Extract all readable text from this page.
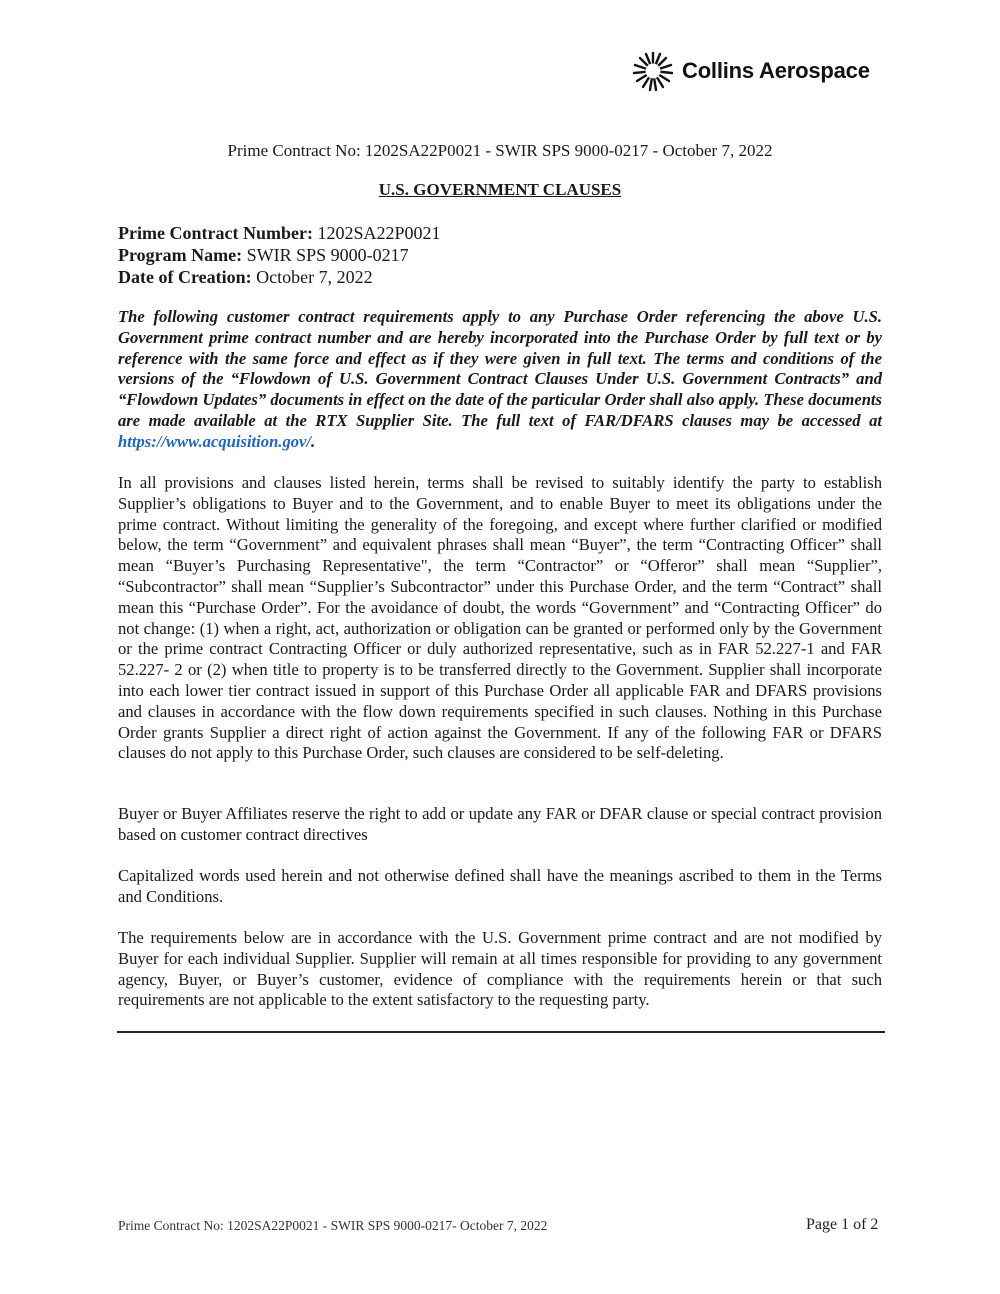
Collins Aerospace
Prime Contract No: 1202SA22P0021 - SWIR SPS 9000-0217 - October 7, 2022
U.S. GOVERNMENT CLAUSES
Prime Contract Number: 1202SA22P0021
Program Name: SWIR SPS 9000-0217
Date of Creation: October 7, 2022
The following customer contract requirements apply to any Purchase Order referencing the above U.S. Government prime contract number and are hereby incorporated into the Purchase Order by full text or by reference with the same force and effect as if they were given in full text. The terms and conditions of the versions of the “Flowdown of U.S. Government Contract Clauses Under U.S. Government Contracts” and “Flowdown Updates” documents in effect on the date of the particular Order shall also apply. These documents are made available at the RTX Supplier Site. The full text of FAR/DFARS clauses may be accessed at https://www.acquisition.gov/.
In all provisions and clauses listed herein, terms shall be revised to suitably identify the party to establish Supplier’s obligations to Buyer and to the Government, and to enable Buyer to meet its obligations under the prime contract. Without limiting the generality of the foregoing, and except where further clarified or modified below, the term “Government” and equivalent phrases shall mean “Buyer”, the term “Contracting Officer” shall mean “Buyer’s Purchasing Representative", the term “Contractor” or “Offeror” shall mean “Supplier”, “Subcontractor” shall mean “Supplier’s Subcontractor” under this Purchase Order, and the term “Contract” shall mean this “Purchase Order”. For the avoidance of doubt, the words “Government” and “Contracting Officer” do not change: (1) when a right, act, authorization or obligation can be granted or performed only by the Government or the prime contract Contracting Officer or duly authorized representative, such as in FAR 52.227-1 and FAR 52.227- 2 or (2) when title to property is to be transferred directly to the Government. Supplier shall incorporate into each lower tier contract issued in support of this Purchase Order all applicable FAR and DFARS provisions and clauses in accordance with the flow down requirements specified in such clauses. Nothing in this Purchase Order grants Supplier a direct right of action against the Government. If any of the following FAR or DFARS clauses do not apply to this Purchase Order, such clauses are considered to be self-deleting.
Buyer or Buyer Affiliates reserve the right to add or update any FAR or DFAR clause or special contract provision based on customer contract directives
Capitalized words used herein and not otherwise defined shall have the meanings ascribed to them in the Terms and Conditions.
The requirements below are in accordance with the U.S. Government prime contract and are not modified by Buyer for each individual Supplier. Supplier will remain at all times responsible for providing to any government agency, Buyer, or Buyer’s customer, evidence of compliance with the requirements herein or that such requirements are not applicable to the extent satisfactory to the requesting party.
Prime Contract No: 1202SA22P0021 - SWIR SPS 9000-0217- October 7, 2022	Page 1 of 2
